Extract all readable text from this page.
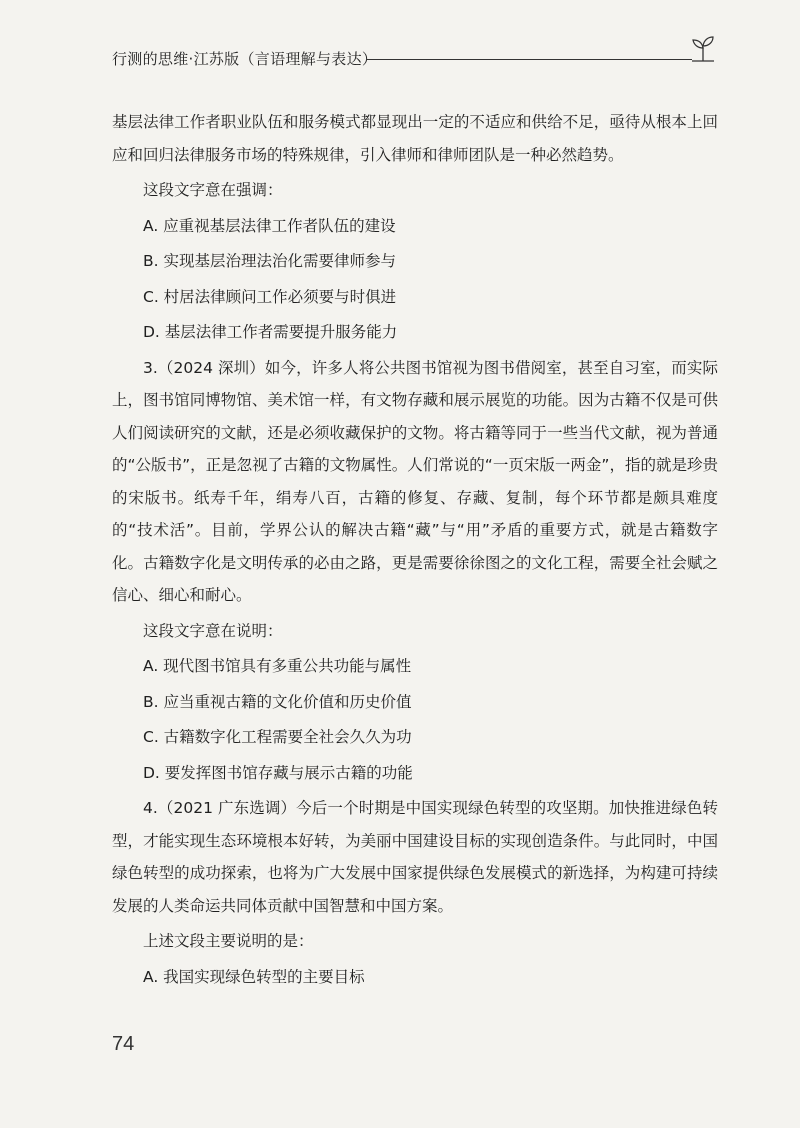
行测的思维·江苏版（言语理解与表达）

基层法律工作者职业队伍和服务模式都显现出一定的不适应和供给不足，亟待从根本上回应和回归法律服务市场的特殊规律，引入律师和律师团队是一种必然趋势。

这段文字意在强调：

A. 应重视基层法律工作者队伍的建设

B. 实现基层治理法治化需要律师参与

C. 村居法律顾问工作必须要与时俱进

D. 基层法律工作者需要提升服务能力

3.（2024 深圳）如今，许多人将公共图书馆视为图书借阅室，甚至自习室，而实际上，图书馆同博物馆、美术馆一样，有文物存藏和展示展览的功能。因为古籍不仅是可供人们阅读研究的文献，还是必须收藏保护的文物。将古籍等同于一些当代文献，视为普通的“公版书”，正是忽视了古籍的文物属性。人们常说的“一页宋版一两金”，指的就是珍贵的宋版书。纸寿千年，绢寿八百，古籍的修复、存藏、复制，每个环节都是颇具难度的“技术活”。目前，学界公认的解决古籍“藏”与“用”矛盾的重要方式，就是古籍数字化。古籍数字化是文明传承的必由之路，更是需要徐徐图之的文化工程，需要全社会赋之信心、细心和耐心。

这段文字意在说明：

A. 现代图书馆具有多重公共功能与属性

B. 应当重视古籍的文化价值和历史价值

C. 古籍数字化工程需要全社会久久为功

D. 要发挥图书馆存藏与展示古籍的功能

4.（2021 广东选调）今后一个时期是中国实现绿色转型的攻坚期。加快推进绿色转型，才能实现生态环境根本好转，为美丽中国建设目标的实现创造条件。与此同时，中国绿色转型的成功探索，也将为广大发展中国家提供绿色发展模式的新选择，为构建可持续发展的人类命运共同体贡献中国智慧和中国方案。

上述文段主要说明的是：

A. 我国实现绿色转型的主要目标

74
